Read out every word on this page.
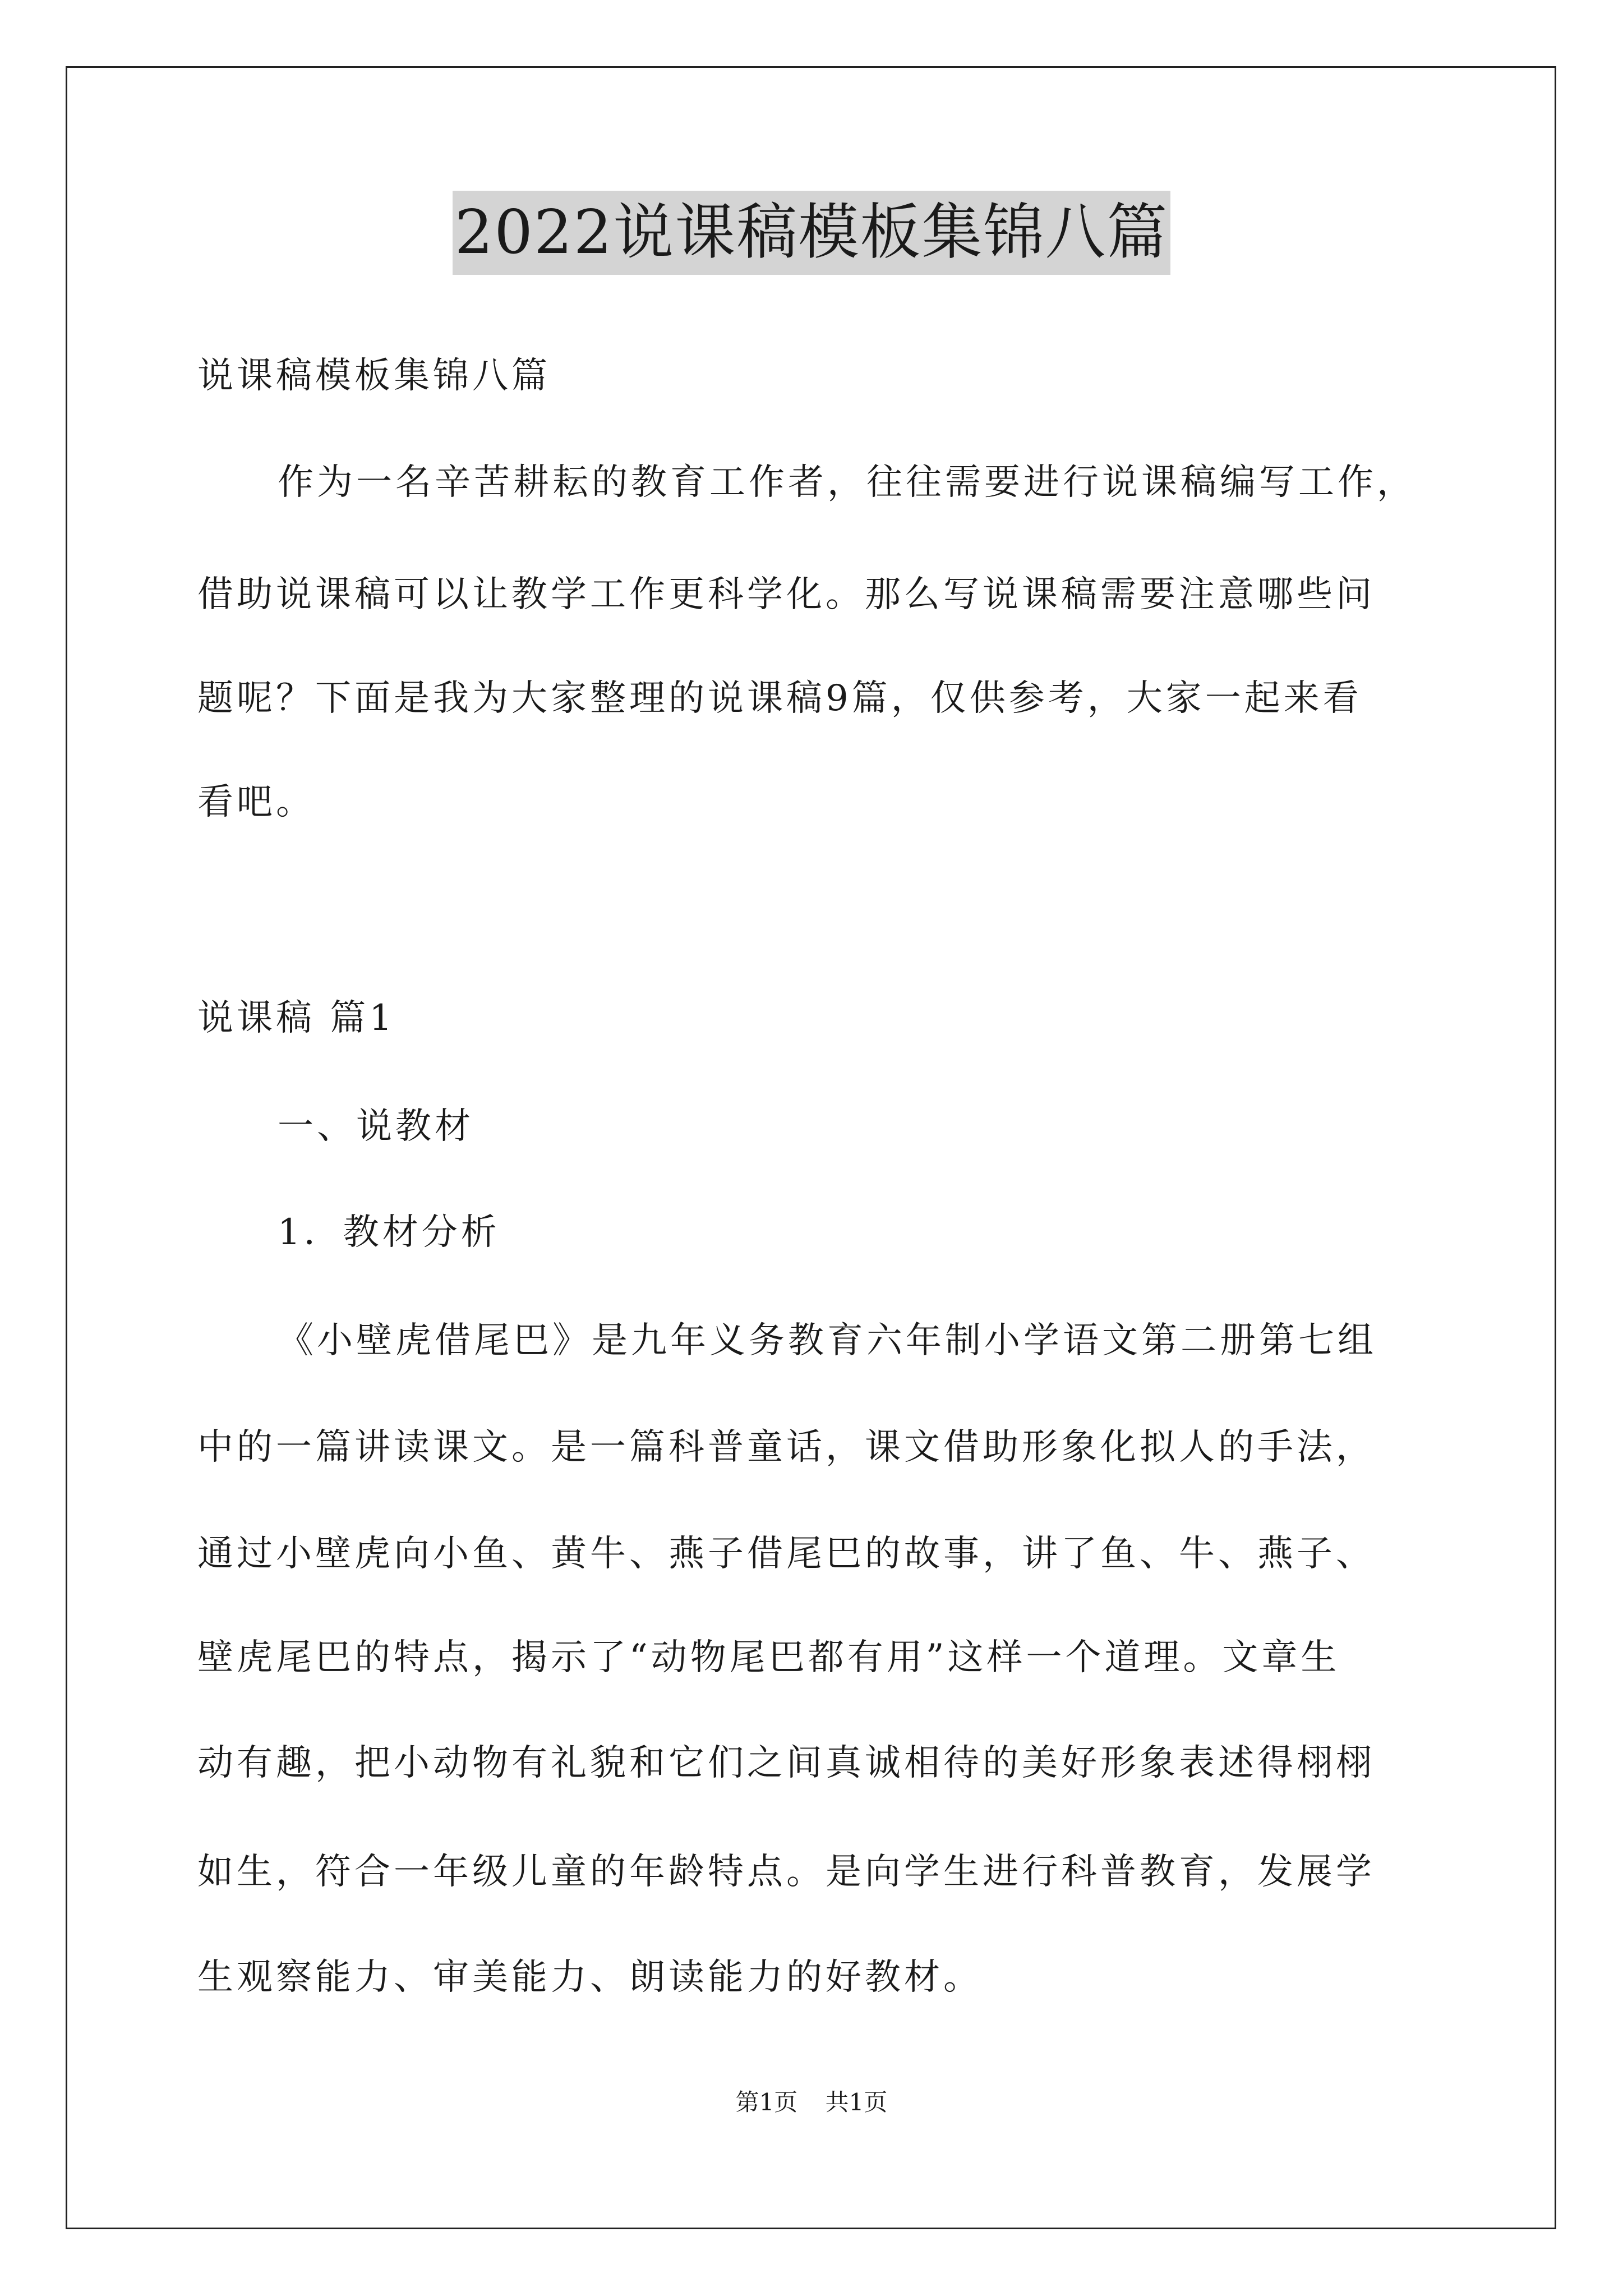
2022说课稿模板集锦八篇
说课稿模板集锦八篇
作为一名辛苦耕耘的教育工作者，往往需要进行说课稿编写工作，
借助说课稿可以让教学工作更科学化。那么写说课稿需要注意哪些问
题呢？下面是我为大家整理的说课稿9篇，仅供参考，大家一起来看
看吧。
说课稿 篇1
一、说教材
1．教材分析
《小壁虎借尾巴》是九年义务教育六年制小学语文第二册第七组
中的一篇讲读课文。是一篇科普童话，课文借助形象化拟人的手法，
通过小壁虎向小鱼、黄牛、燕子借尾巴的故事，讲了鱼、牛、燕子、
壁虎尾巴的特点，揭示了“动物尾巴都有用”这样一个道理。文章生
动有趣，把小动物有礼貌和它们之间真诚相待的美好形象表述得栩栩
如生，符合一年级儿童的年龄特点。是向学生进行科普教育，发展学
生观察能力、审美能力、朗读能力的好教材。
第1页 共1页
